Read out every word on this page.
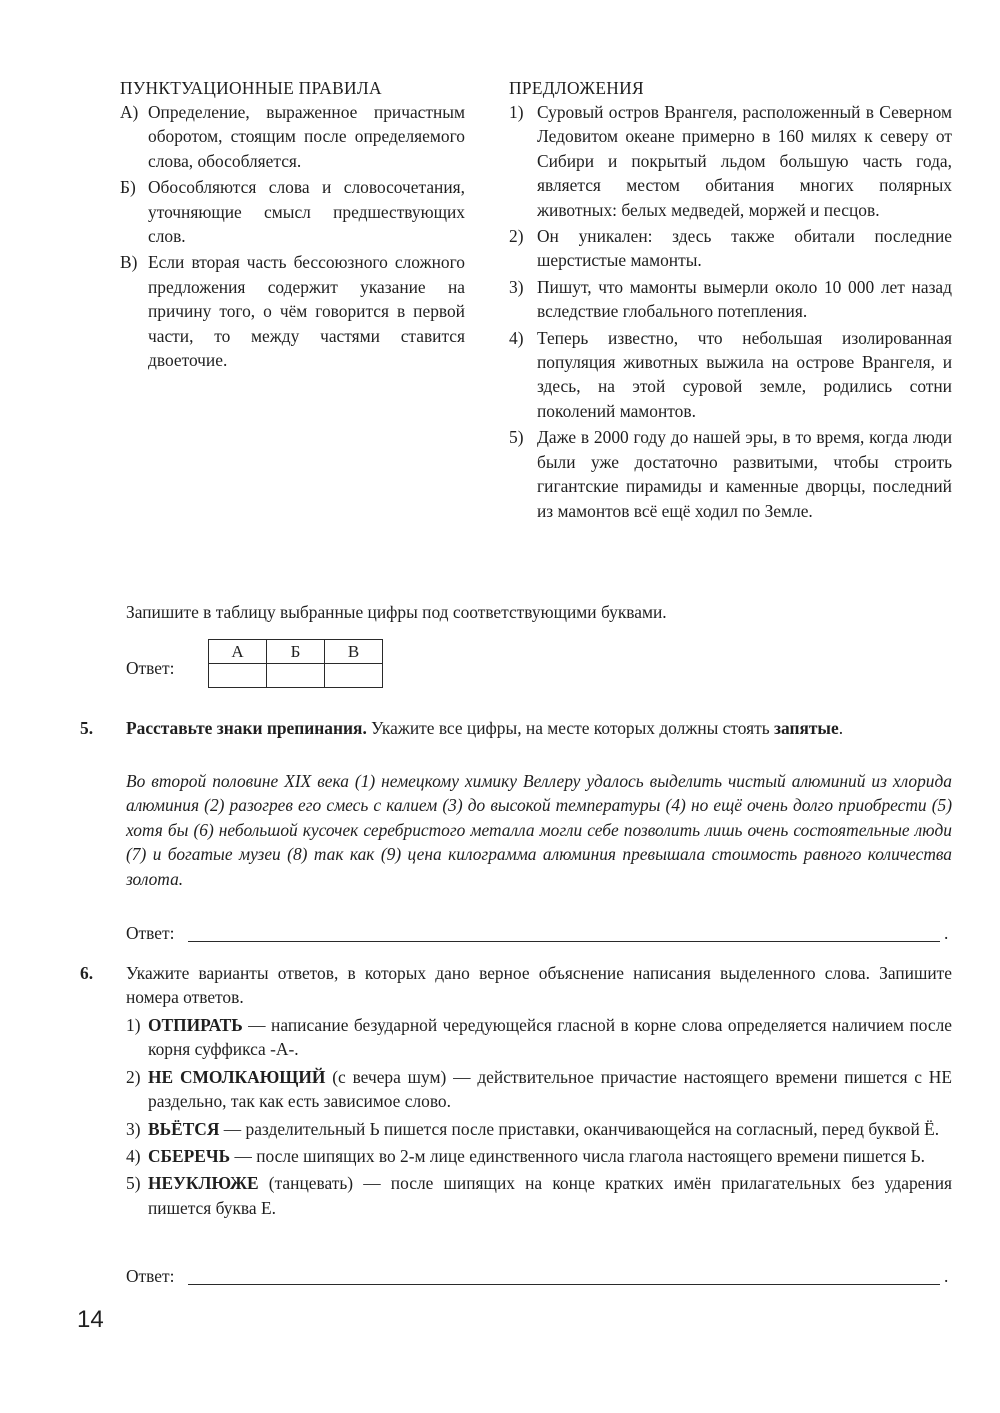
ПУНКТУАЦИОННЫЕ ПРАВИЛА	ПРЕДЛОЖЕНИЯ
А) Определение, выраженное причастным оборотом, стоящим после определяемого слова, обособляется.
Б) Обособляются слова и словосочетания, уточняющие смысл предшествующих слов.
В) Если вторая часть бессоюзного сложного предложения содержит указание на причину того, о чём говорится в первой части, то между частями ставится двоеточие.
1) Суровый остров Врангеля, расположенный в Северном Ледовитом океане примерно в 160 милях к северу от Сибири и покрытый льдом большую часть года, является местом обитания многих полярных животных: белых медведей, моржей и песцов.
2) Он уникален: здесь также обитали последние шерстистые мамонты.
3) Пишут, что мамонты вымерли около 10 000 лет назад вследствие глобального потепления.
4) Теперь известно, что небольшая изолированная популяция животных выжила на острове Врангеля, и здесь, на этой суровой земле, родились сотни поколений мамонтов.
5) Даже в 2000 году до нашей эры, в то время, когда люди были уже достаточно развитыми, чтобы строить гигантские пирамиды и каменные дворцы, последний из мамонтов всё ещё ходил по Земле.
Запишите в таблицу выбранные цифры под соответствующими буквами.
Ответ:
А	Б	В

5. Расставьте знаки препинания. Укажите все цифры, на месте которых должны стоять запятые.
Во второй половине XIX века (1) немецкому химику Веллеру удалось выделить чистый алюминий из хлорида алюминия (2) разогрев его смесь с калием (3) до высокой температуры (4) но ещё очень долго приобрести (5) хотя бы (6) небольшой кусочек серебристого металла могли себе позволить лишь очень состоятельные люди (7) и богатые музеи (8) так как (9) цена килограмма алюминия превышала стоимость равного количества золота.
Ответ:	.
6. Укажите варианты ответов, в которых дано верное объяснение написания выделенного слова. Запишите номера ответов.
1) ОТПИРАТЬ — написание безударной чередующейся гласной в корне слова определяется наличием после корня суффикса -А-.
2) НЕ СМОЛКАЮЩИЙ (с вечера шум) — действительное причастие настоящего времени пишется с НЕ раздельно, так как есть зависимое слово.
3) ВЬЁТСЯ — разделительный Ь пишется после приставки, оканчивающейся на согласный, перед буквой Ё.
4) СБЕРЕЧЬ — после шипящих во 2-м лице единственного числа глагола настоящего времени пишется Ь.
5) НЕУКЛЮЖЕ (танцевать) — после шипящих на конце кратких имён прилагательных без ударения пишется буква Е.
Ответ:	.
14
